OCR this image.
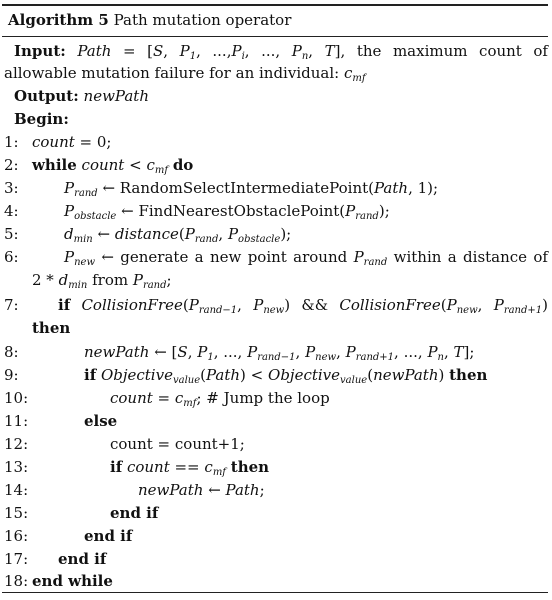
Algorithm 5 Path mutation operator
Input: Path = [S, $P_1$, $...,P_i$, ..., $P_n$, T], the maximum count of
allowable mutation failure for an individual: $c_{mf}$
Output: newPath
Begin:
1: count = 0;
2: while count < $c_{mf}$ do
3:	$P_{rand}$ ← RandomSelectIntermediatePoint(Path, 1);
4:	$P_{obstacle}$ ← $FindNearestObstaclePoint(P_{rand})$;
5:	$d_{min}$ ← $distance(P_{rand}$, $P_{obstacle}$);
6:	$P_{new}$ ← generate a new point around $P_{rand}$ within a distance of
$2 * d_{min}$ from $P_{rand}$;
7:	if $CollisionFree(P_{rand-1}$, $P_{new}$) && $CollisionFree(P_{new}$, $P_{rand+1}$)
then
8:	newPath ← [S, $P_1$, ..., $P_{rand-1}$, $P_{new}$, $P_{rand+1}$, ..., $P_n$, T];
9:	if Objective$_{value}$(Path) < Objective$_{value}$(newPath) then
10:	count = $c_{mf}$; # Jump the loop
11:	else
12:	count = count+1;
13:	if count == $c_{mf}$ then
14:	newPath ← Path;
15:	end if
16:	end if
17: end if
18: end while
